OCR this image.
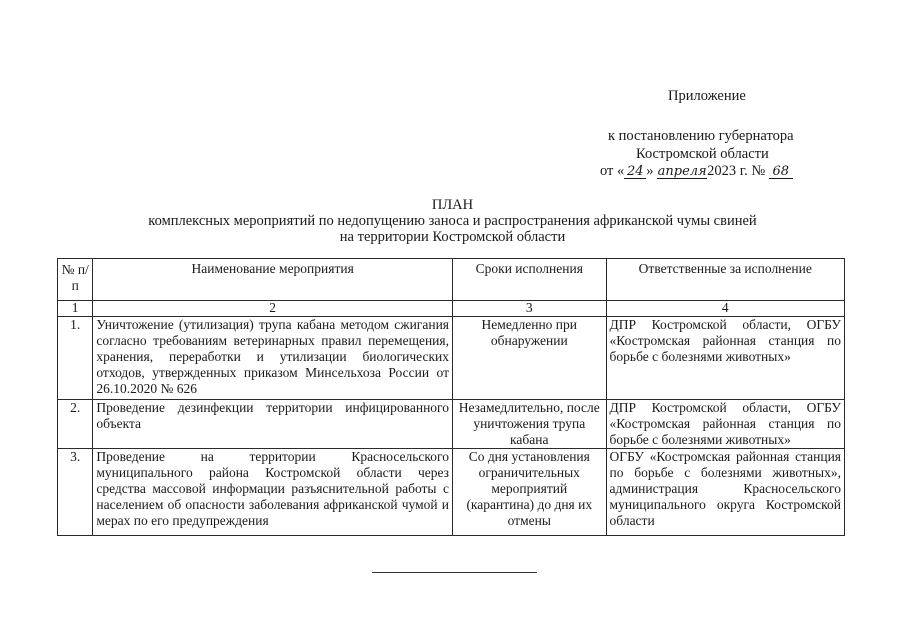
Приложение
к постановлению губернатора
Костромской области
от « 24 » апреля2023 г. № 68
ПЛАН
комплексных мероприятий по недопущению заноса и распространения африканской чумы свиней
на территории Костромской области
№ п/п	Наименование мероприятия	Сроки исполнения	Ответственные за исполнение
1	2	3	4
1.	Уничтожение (утилизация) трупа кабана методом сжигания согласно требованиям ветеринарных правил перемещения, хранения, переработки и утилизации биологических отходов, утвержденных приказом Минсельхоза России от 26.10.2020 № 626	Немедленно при обнаружении	ДПР Костромской области, ОГБУ «Костромская районная станция по борьбе с болезнями животных»
2.	Проведение дезинфекции территории инфицированного объекта	Незамедлительно, после уничтожения трупа кабана	ДПР Костромской области, ОГБУ «Костромская районная станция по борьбе с болезнями животных»
3.	Проведение на территории Красносельского муниципального района Костромской области через средства массовой информации разъяснительной работы с населением об опасности заболевания африканской чумой и мерах по его предупреждения	Со дня установления ограничительных мероприятий (карантина) до дня их отмены	ОГБУ «Костромская районная станция по борьбе с болезнями животных», администрация Красносельского муниципального округа Костромской области
